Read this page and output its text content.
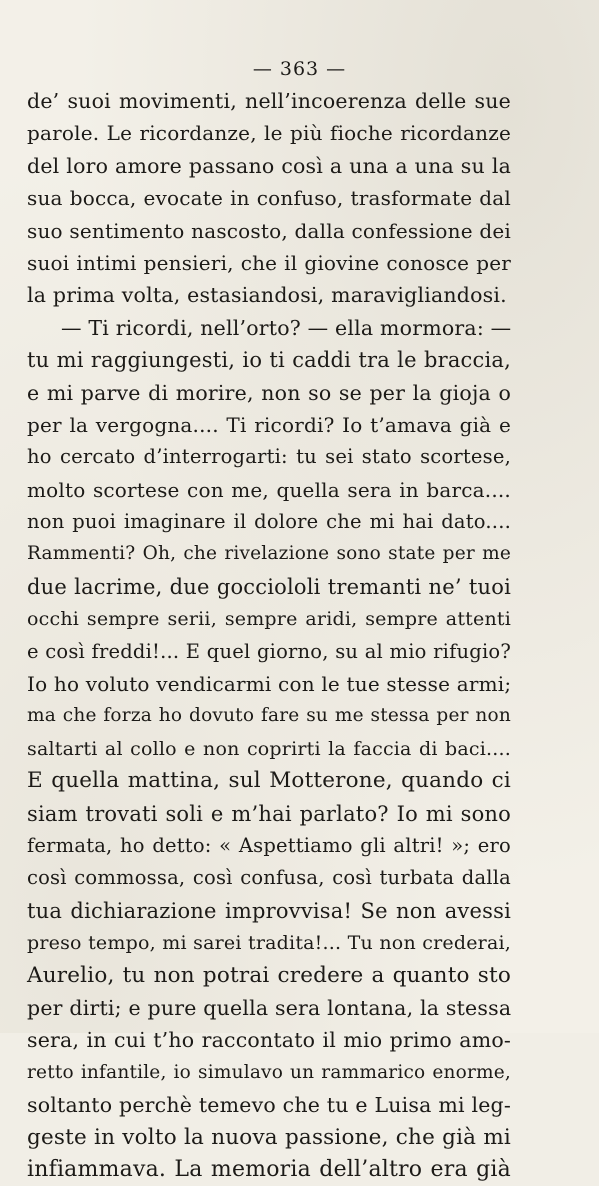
— 363 —
de’ suoi movimenti, nell’incoerenza delle sue
parole. Le ricordanze, le più fioche ricordanze
del loro amore passano così a una a una su la
sua bocca, evocate in confuso, trasformate dal
suo sentimento nascosto, dalla confessione dei
suoi intimi pensieri, che il giovine conosce per
la prima volta, estasiandosi, maravigliandosi.
— Ti ricordi, nell’orto? — ella mormora: —
tu mi raggiungesti, io ti caddi tra le braccia,
e mi parve di morire, non so se per la gioja o
per la vergogna.... Ti ricordi? Io t’amava già e
ho cercato d’interrogarti: tu sei stato scortese,
molto scortese con me, quella sera in barca....
non puoi imaginare il dolore che mi hai dato....
Rammenti? Oh, che rivelazione sono state per me
due lacrime, due gocciololi tremanti ne’ tuoi
occhi sempre serii, sempre aridi, sempre attenti
e così freddi!... E quel giorno, su al mio rifugio?
Io ho voluto vendicarmi con le tue stesse armi;
ma che forza ho dovuto fare su me stessa per non
saltarti al collo e non coprirti la faccia di baci....
E quella mattina, sul Motterone, quando ci
siam trovati soli e m’hai parlato? Io mi sono
fermata, ho detto: « Aspettiamo gli altri! »; ero
così commossa, così confusa, così turbata dalla
tua dichiarazione improvvisa! Se non avessi
preso tempo, mi sarei tradita!... Tu non crederai,
Aurelio, tu non potrai credere a quanto sto
per dirti; e pure quella sera lontana, la stessa
sera, in cui t’ho raccontato il mio primo amo-
retto infantile, io simulavo un rammarico enorme,
soltanto perchè temevo che tu e Luisa mi leg-
geste in volto la nuova passione, che già mi
infiammava. La memoria dell’altro era già
